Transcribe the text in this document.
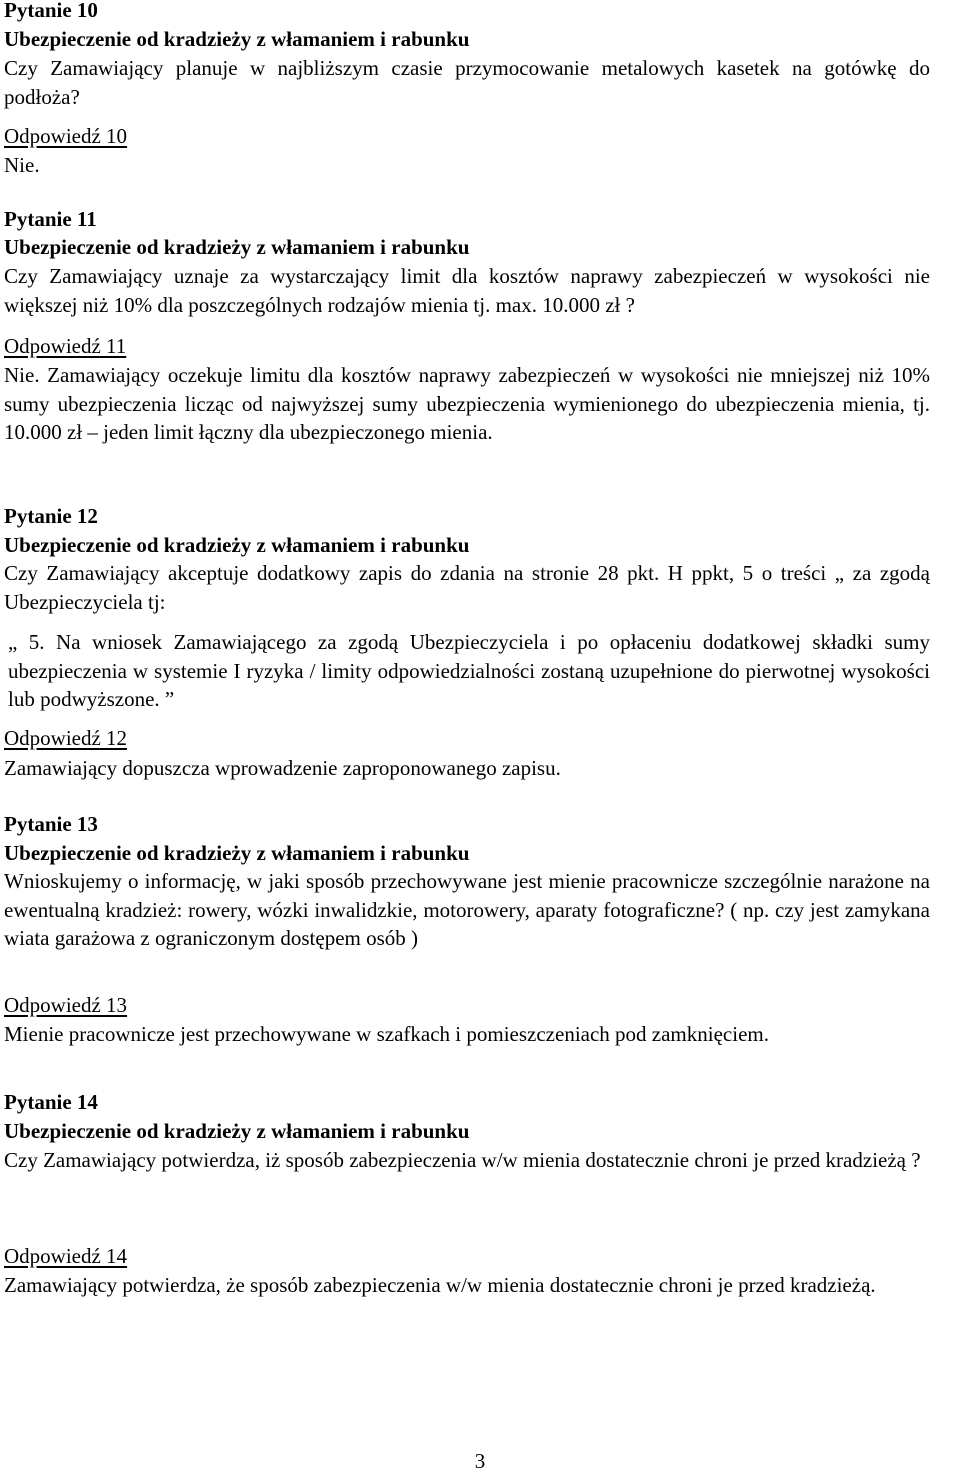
Pytanie 10

Ubezpieczenie od kradzieży z włamaniem i rabunku

Czy Zamawiający planuje w najbliższym czasie przymocowanie metalowych kasetek na gotówkę do podłoża?

Odpowiedź 10

Nie.

Pytanie 11

Ubezpieczenie od kradzieży z włamaniem i rabunku

Czy Zamawiający uznaje za wystarczający limit dla kosztów naprawy zabezpieczeń w wysokości nie większej niż 10% dla poszczególnych rodzajów mienia tj. max. 10.000 zł ?

Odpowiedź 11

Nie. Zamawiający oczekuje limitu dla kosztów naprawy zabezpieczeń w wysokości nie mniejszej niż 10% sumy ubezpieczenia licząc od najwyższej sumy ubezpieczenia wymienionego do ubezpieczenia mienia, tj. 10.000 zł – jeden limit łączny dla ubezpieczonego mienia.

Pytanie 12

Ubezpieczenie od kradzieży z włamaniem i rabunku

Czy Zamawiający akceptuje dodatkowy zapis do zdania na stronie 28 pkt. H ppkt, 5 o treści „ za zgodą Ubezpieczyciela tj:

„ 5. Na wniosek Zamawiającego za zgodą Ubezpieczyciela i po opłaceniu dodatkowej składki sumy ubezpieczenia w systemie I ryzyka / limity odpowiedzialności zostaną uzupełnione do pierwotnej wysokości lub podwyższone. ”

Odpowiedź 12

Zamawiający dopuszcza wprowadzenie zaproponowanego zapisu.

Pytanie 13

Ubezpieczenie od kradzieży z włamaniem i rabunku

Wnioskujemy o informację, w jaki sposób przechowywane jest mienie pracownicze szczególnie narażone na ewentualną kradzież: rowery, wózki inwalidzkie, motorowery, aparaty fotograficzne? ( np. czy jest zamykana wiata garażowa z ograniczonym dostępem osób )

Odpowiedź 13

Mienie pracownicze jest przechowywane w szafkach i pomieszczeniach pod zamknięciem.

Pytanie 14

Ubezpieczenie od kradzieży z włamaniem i rabunku

Czy Zamawiający potwierdza, iż sposób zabezpieczenia w/w mienia dostatecznie chroni je przed kradzieżą ?

Odpowiedź 14

Zamawiający potwierdza, że sposób zabezpieczenia w/w mienia dostatecznie chroni je przed kradzieżą.

3
